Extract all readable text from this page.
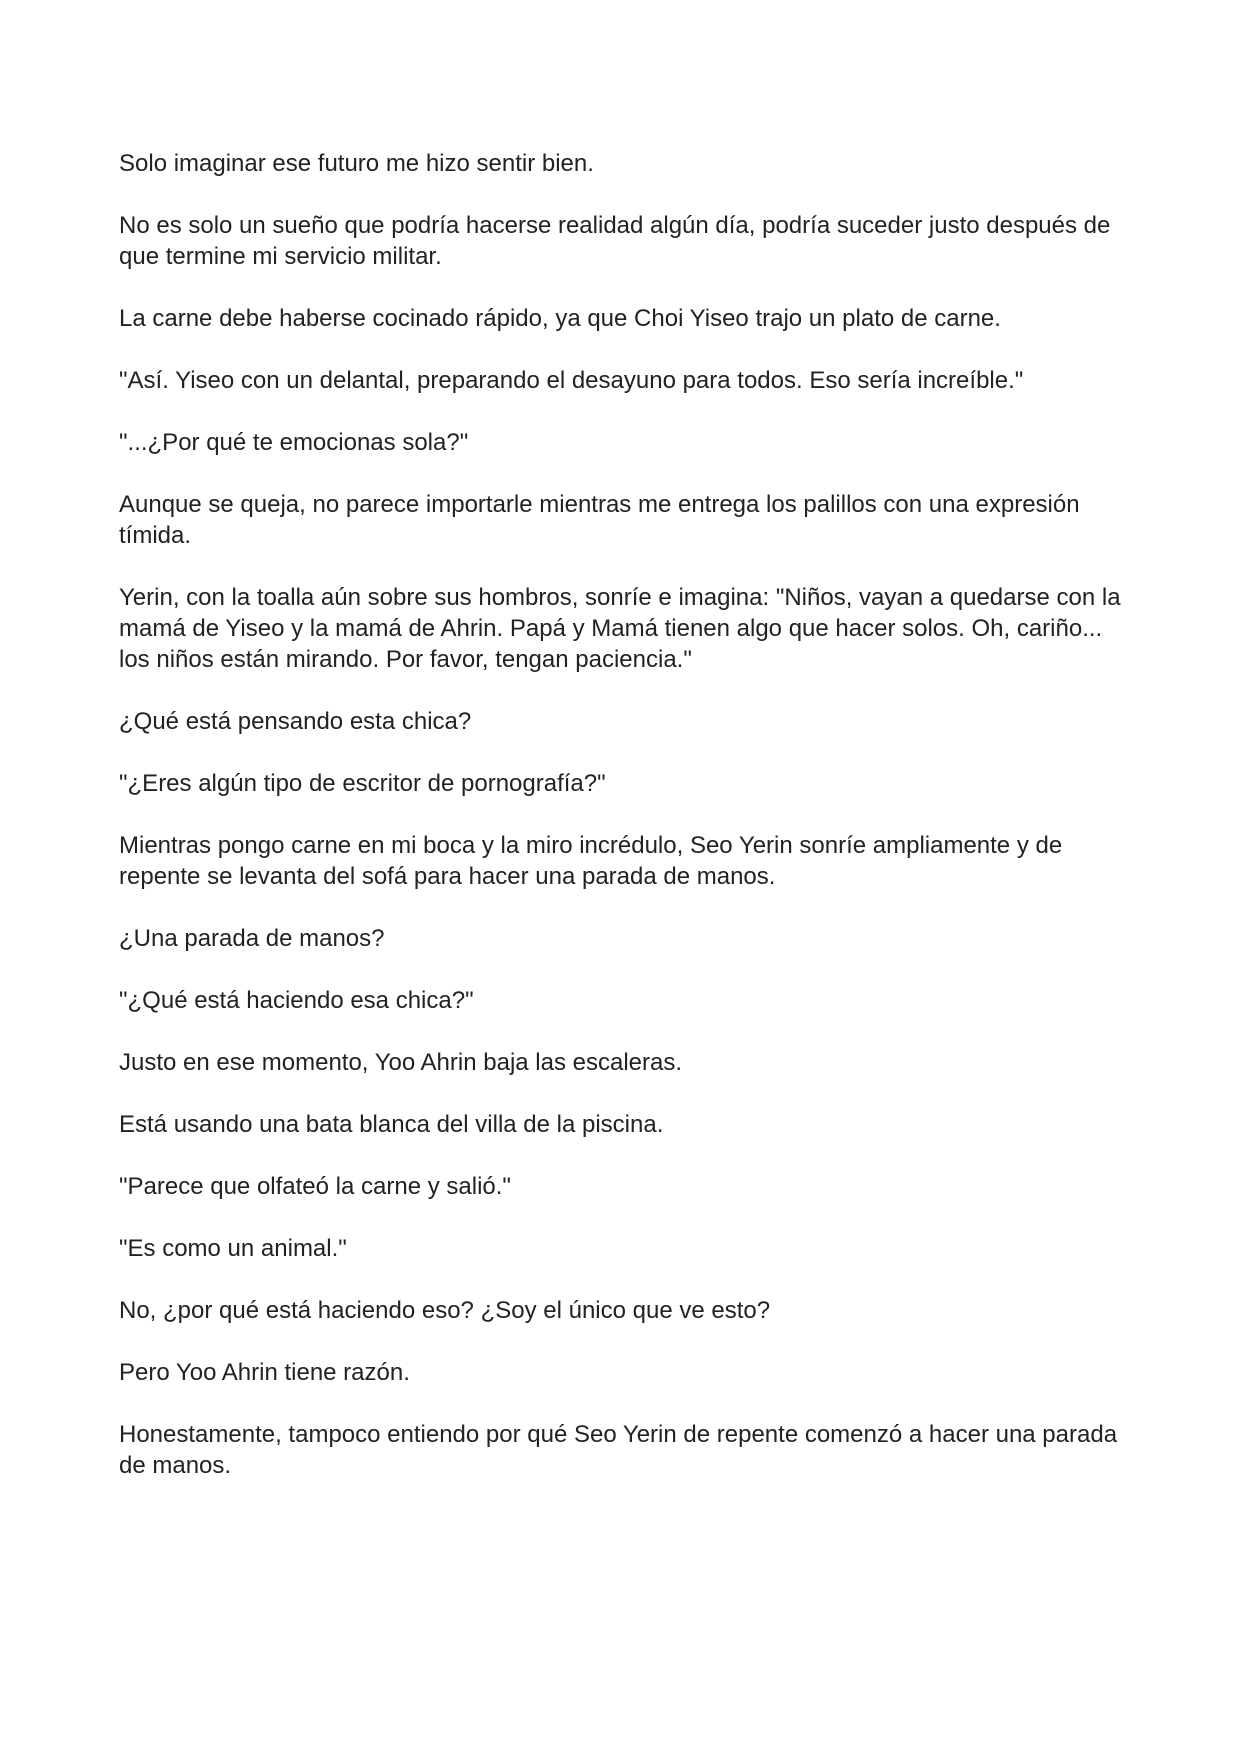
Solo imaginar ese futuro me hizo sentir bien.

No es solo un sueño que podría hacerse realidad algún día, podría suceder justo después de que termine mi servicio militar.

La carne debe haberse cocinado rápido, ya que Choi Yiseo trajo un plato de carne.

"Así. Yiseo con un delantal, preparando el desayuno para todos. Eso sería increíble."

"...¿Por qué te emocionas sola?"

Aunque se queja, no parece importarle mientras me entrega los palillos con una expresión tímida.

Yerin, con la toalla aún sobre sus hombros, sonríe e imagina: "Niños, vayan a quedarse con la mamá de Yiseo y la mamá de Ahrin. Papá y Mamá tienen algo que hacer solos. Oh, cariño... los niños están mirando. Por favor, tengan paciencia."

¿Qué está pensando esta chica?

"¿Eres algún tipo de escritor de pornografía?"

Mientras pongo carne en mi boca y la miro incrédulo, Seo Yerin sonríe ampliamente y de repente se levanta del sofá para hacer una parada de manos.

¿Una parada de manos?

"¿Qué está haciendo esa chica?"

Justo en ese momento, Yoo Ahrin baja las escaleras.

Está usando una bata blanca del villa de la piscina.

"Parece que olfateó la carne y salió."

"Es como un animal."

No, ¿por qué está haciendo eso? ¿Soy el único que ve esto?

Pero Yoo Ahrin tiene razón.

Honestamente, tampoco entiendo por qué Seo Yerin de repente comenzó a hacer una parada de manos.
